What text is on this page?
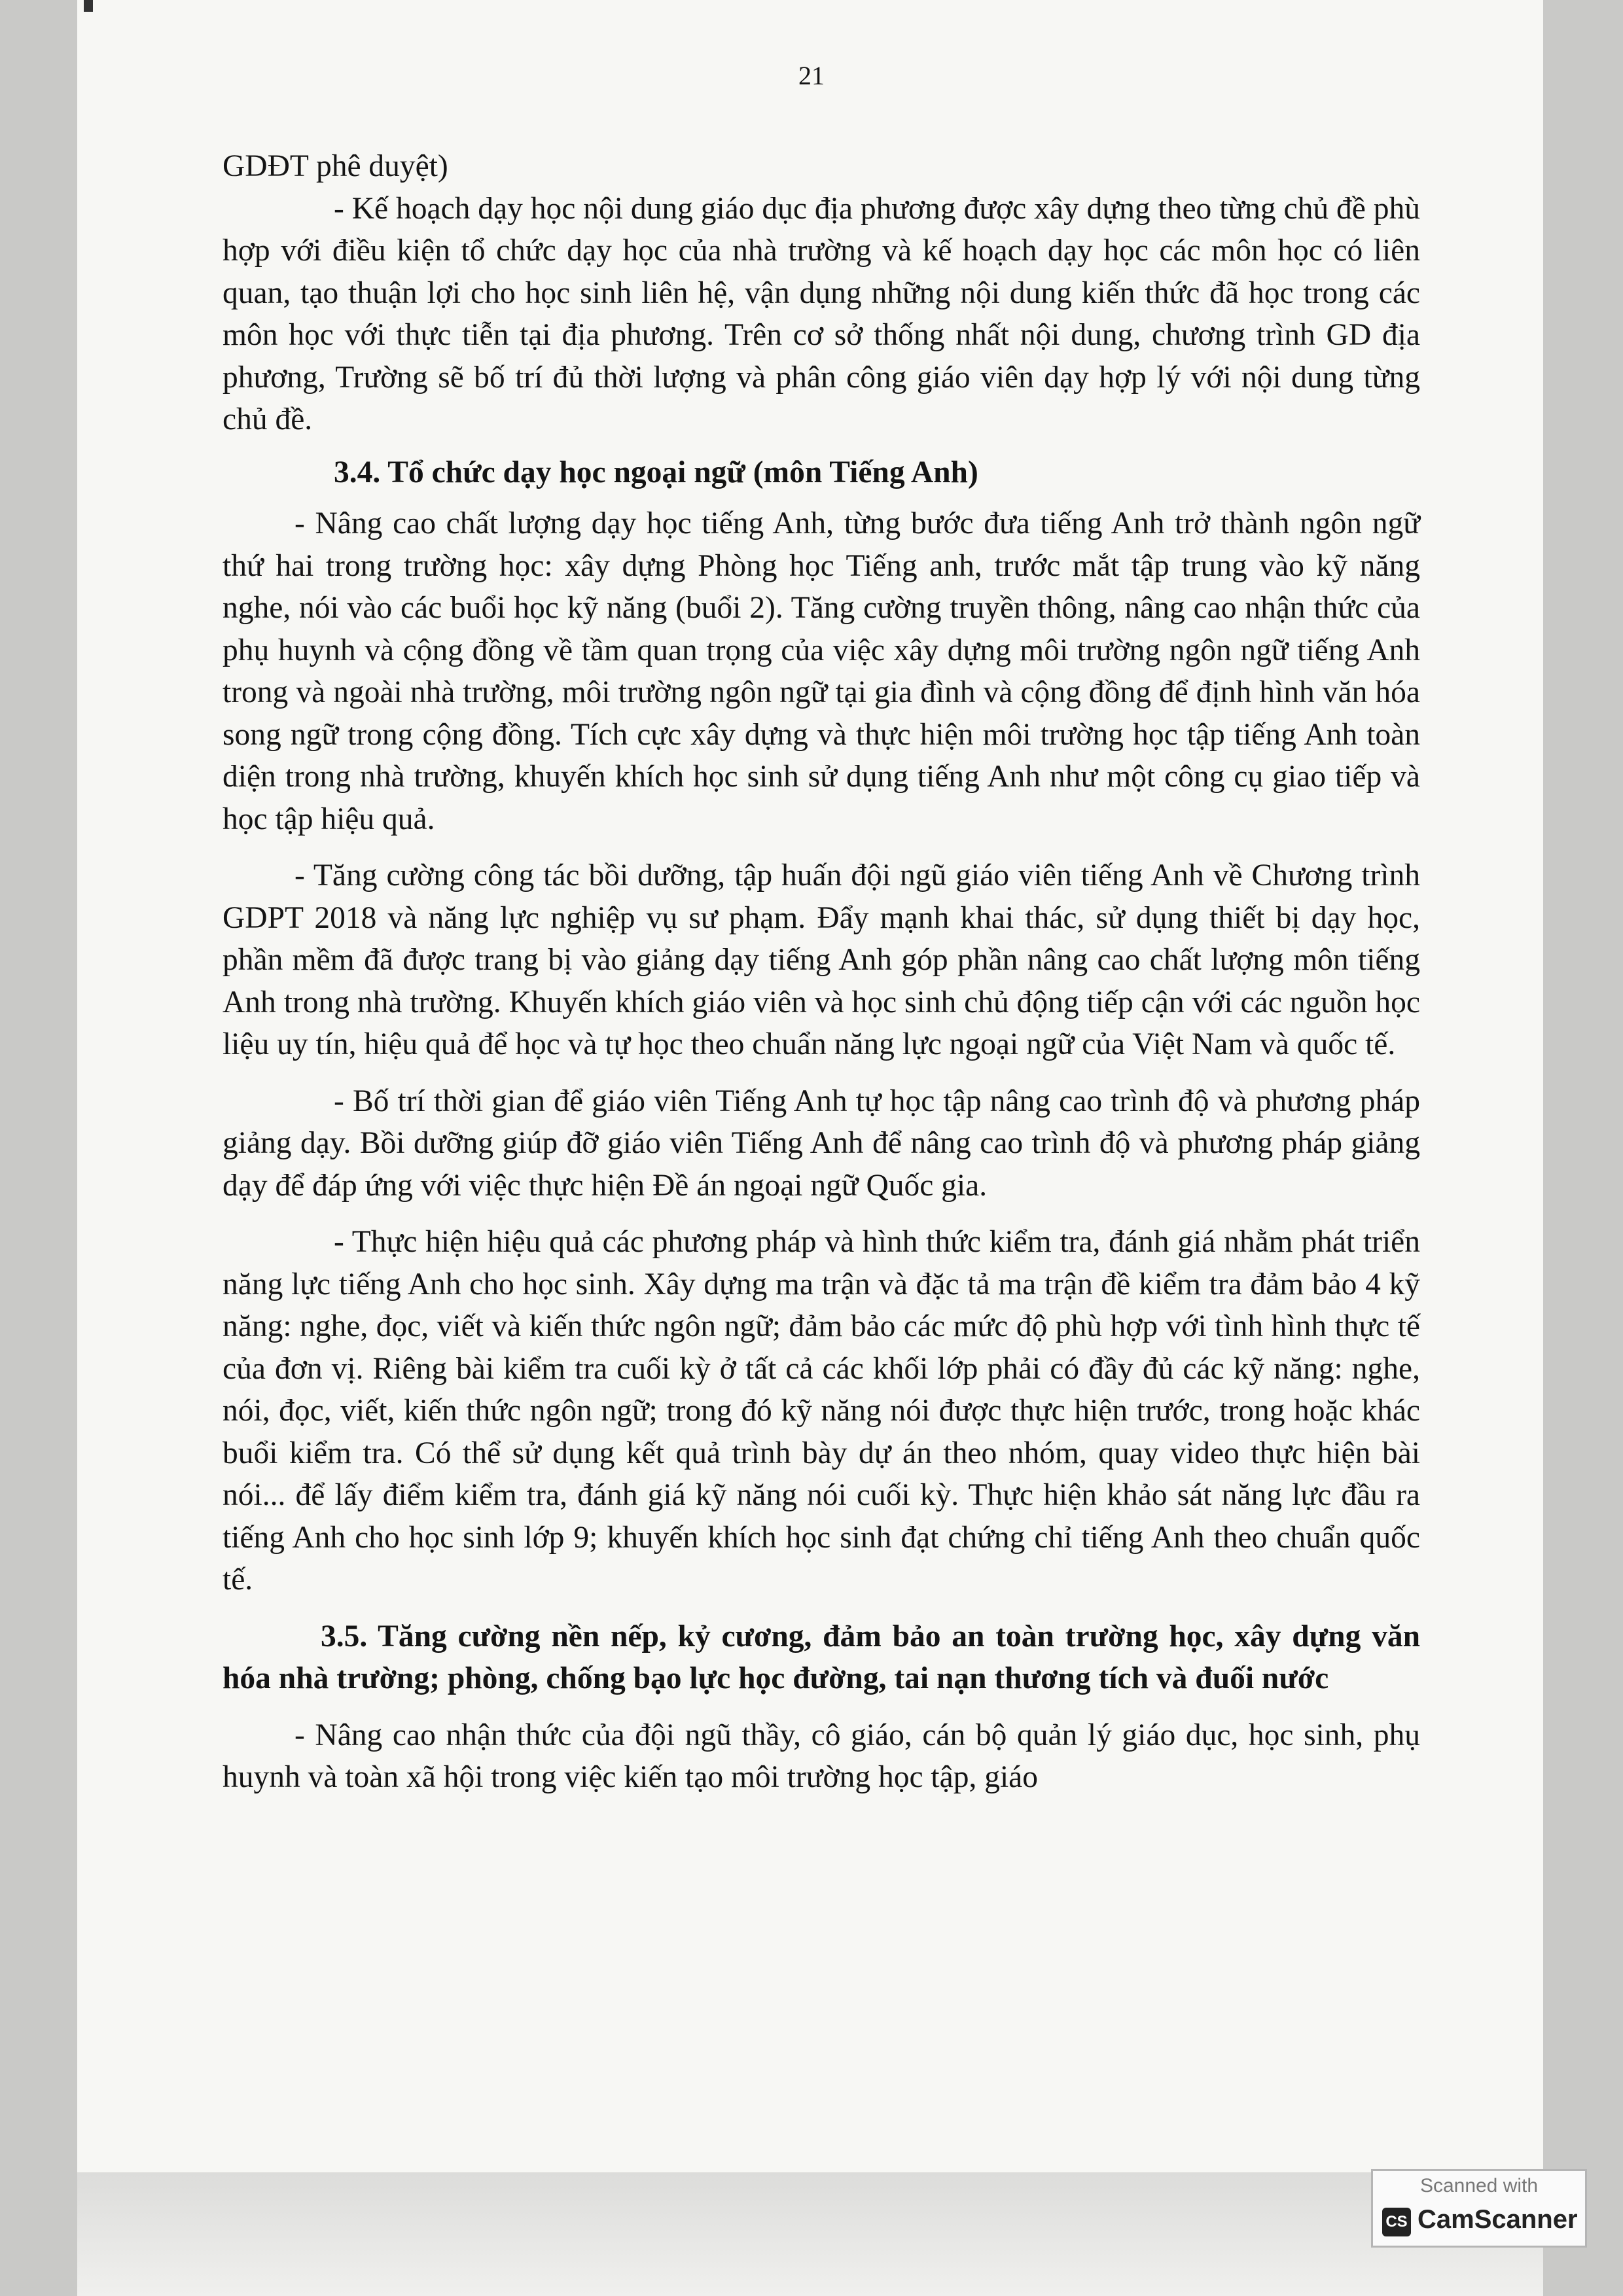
21

GDĐT phê duyệt)

- Kế hoạch dạy học nội dung giáo dục địa phương được xây dựng theo từng chủ đề phù hợp với điều kiện tổ chức dạy học của nhà trường và kế hoạch dạy học các môn học có liên quan, tạo thuận lợi cho học sinh liên hệ, vận dụng những nội dung kiến thức đã học trong các môn học với thực tiễn tại địa phương. Trên cơ sở thống nhất nội dung, chương trình GD địa phương, Trường sẽ bố trí đủ thời lượng và phân công giáo viên dạy hợp lý với nội dung từng chủ đề.

3.4. Tổ chức dạy học ngoại ngữ (môn Tiếng Anh)

- Nâng cao chất lượng dạy học tiếng Anh, từng bước đưa tiếng Anh trở thành ngôn ngữ thứ hai trong trường học: xây dựng Phòng học Tiếng anh, trước mắt tập trung vào kỹ năng nghe, nói vào các buổi học kỹ năng (buổi 2). Tăng cường truyền thông, nâng cao nhận thức của phụ huynh và cộng đồng về tầm quan trọng của việc xây dựng môi trường ngôn ngữ tiếng Anh trong và ngoài nhà trường, môi trường ngôn ngữ tại gia đình và cộng đồng để định hình văn hóa song ngữ trong cộng đồng. Tích cực xây dựng và thực hiện môi trường học tập tiếng Anh toàn diện trong nhà trường, khuyến khích học sinh sử dụng tiếng Anh như một công cụ giao tiếp và học tập hiệu quả.

- Tăng cường công tác bồi dưỡng, tập huấn đội ngũ giáo viên tiếng Anh về Chương trình GDPT 2018 và năng lực nghiệp vụ sư phạm. Đẩy mạnh khai thác, sử dụng thiết bị dạy học, phần mềm đã được trang bị vào giảng dạy tiếng Anh góp phần nâng cao chất lượng môn tiếng Anh trong nhà trường. Khuyến khích giáo viên và học sinh chủ động tiếp cận với các nguồn học liệu uy tín, hiệu quả để học và tự học theo chuẩn năng lực ngoại ngữ của Việt Nam và quốc tế.

- Bố trí thời gian để giáo viên Tiếng Anh tự học tập nâng cao trình độ và phương pháp giảng dạy. Bồi dưỡng giúp đỡ giáo viên Tiếng Anh để nâng cao trình độ và phương pháp giảng dạy để đáp ứng với việc thực hiện Đề án ngoại ngữ Quốc gia.

- Thực hiện hiệu quả các phương pháp và hình thức kiểm tra, đánh giá nhằm phát triển năng lực tiếng Anh cho học sinh. Xây dựng ma trận và đặc tả ma trận đề kiểm tra đảm bảo 4 kỹ năng: nghe, đọc, viết và kiến thức ngôn ngữ; đảm bảo các mức độ phù hợp với tình hình thực tế của đơn vị. Riêng bài kiểm tra cuối kỳ ở tất cả các khối lớp phải có đầy đủ các kỹ năng: nghe, nói, đọc, viết, kiến thức ngôn ngữ; trong đó kỹ năng nói được thực hiện trước, trong hoặc khác buổi kiểm tra. Có thể sử dụng kết quả trình bày dự án theo nhóm, quay video thực hiện bài nói... để lấy điểm kiểm tra, đánh giá kỹ năng nói cuối kỳ. Thực hiện khảo sát năng lực đầu ra tiếng Anh cho học sinh lớp 9; khuyến khích học sinh đạt chứng chỉ tiếng Anh theo chuẩn quốc tế.

3.5. Tăng cường nền nếp, kỷ cương, đảm bảo an toàn trường học, xây dựng văn hóa nhà trường; phòng, chống bạo lực học đường, tai nạn thương tích và đuối nước

- Nâng cao nhận thức của đội ngũ thầy, cô giáo, cán bộ quản lý giáo dục, học sinh, phụ huynh và toàn xã hội trong việc kiến tạo môi trường học tập, giáo

Scanned with
CS CamScanner
